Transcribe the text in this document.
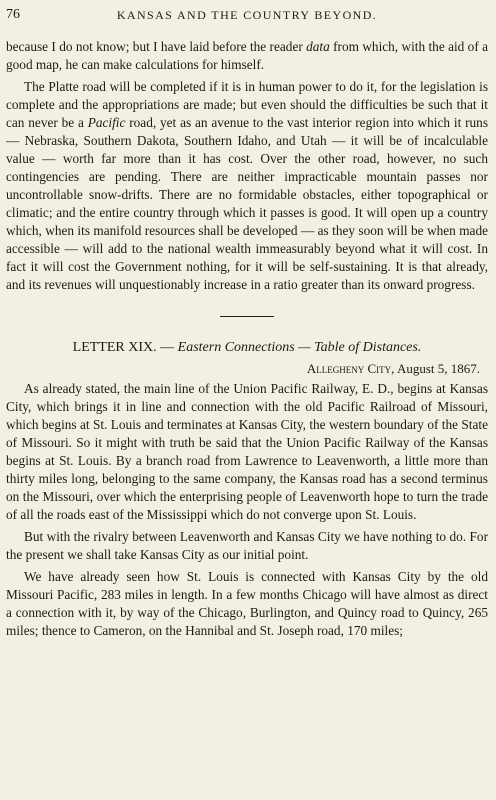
76	KANSAS AND THE COUNTRY BEYOND.

because I do not know; but I have laid before the reader data from which, with the aid of a good map, he can make calculations for himself.

The Platte road will be completed if it is in human power to do it, for the legislation is complete and the appropriations are made; but even should the difficulties be such that it can never be a Pacific road, yet as an avenue to the vast interior region into which it runs — Nebraska, Southern Dakota, Southern Idaho, and Utah — it will be of incalculable value — worth far more than it has cost. Over the other road, however, no such contingencies are pending. There are neither impracticable mountain passes nor uncontrollable snow-drifts. There are no formidable obstacles, either topographical or climatic; and the entire country through which it passes is good. It will open up a country which, when its manifold resources shall be developed — as they soon will be when made accessible — will add to the national wealth immeasurably beyond what it will cost. In fact it will cost the Government nothing, for it will be self-sustaining. It is that already, and its revenues will unquestionably increase in a ratio greater than its onward progress.

LETTER XIX. — Eastern Connections — Table of Distances.
Allegheny City, August 5, 1867.

As already stated, the main line of the Union Pacific Railway, E. D., begins at Kansas City, which brings it in line and connection with the old Pacific Railroad of Missouri, which begins at St. Louis and terminates at Kansas City, the western boundary of the State of Missouri. So it might with truth be said that the Union Pacific Railway of the Kansas begins at St. Louis. By a branch road from Lawrence to Leavenworth, a little more than thirty miles long, belonging to the same company, the Kansas road has a second terminus on the Missouri, over which the enterprising people of Leavenworth hope to turn the trade of all the roads east of the Mississippi which do not converge upon St. Louis.

But with the rivalry between Leavenworth and Kansas City we have nothing to do. For the present we shall take Kansas City as our initial point.

We have already seen how St. Louis is connected with Kansas City by the old Missouri Pacific, 283 miles in length. In a few months Chicago will have almost as direct a connection with it, by way of the Chicago, Burlington, and Quincy road to Quincy, 265 miles; thence to Cameron, on the Hannibal and St. Joseph road, 170 miles;
